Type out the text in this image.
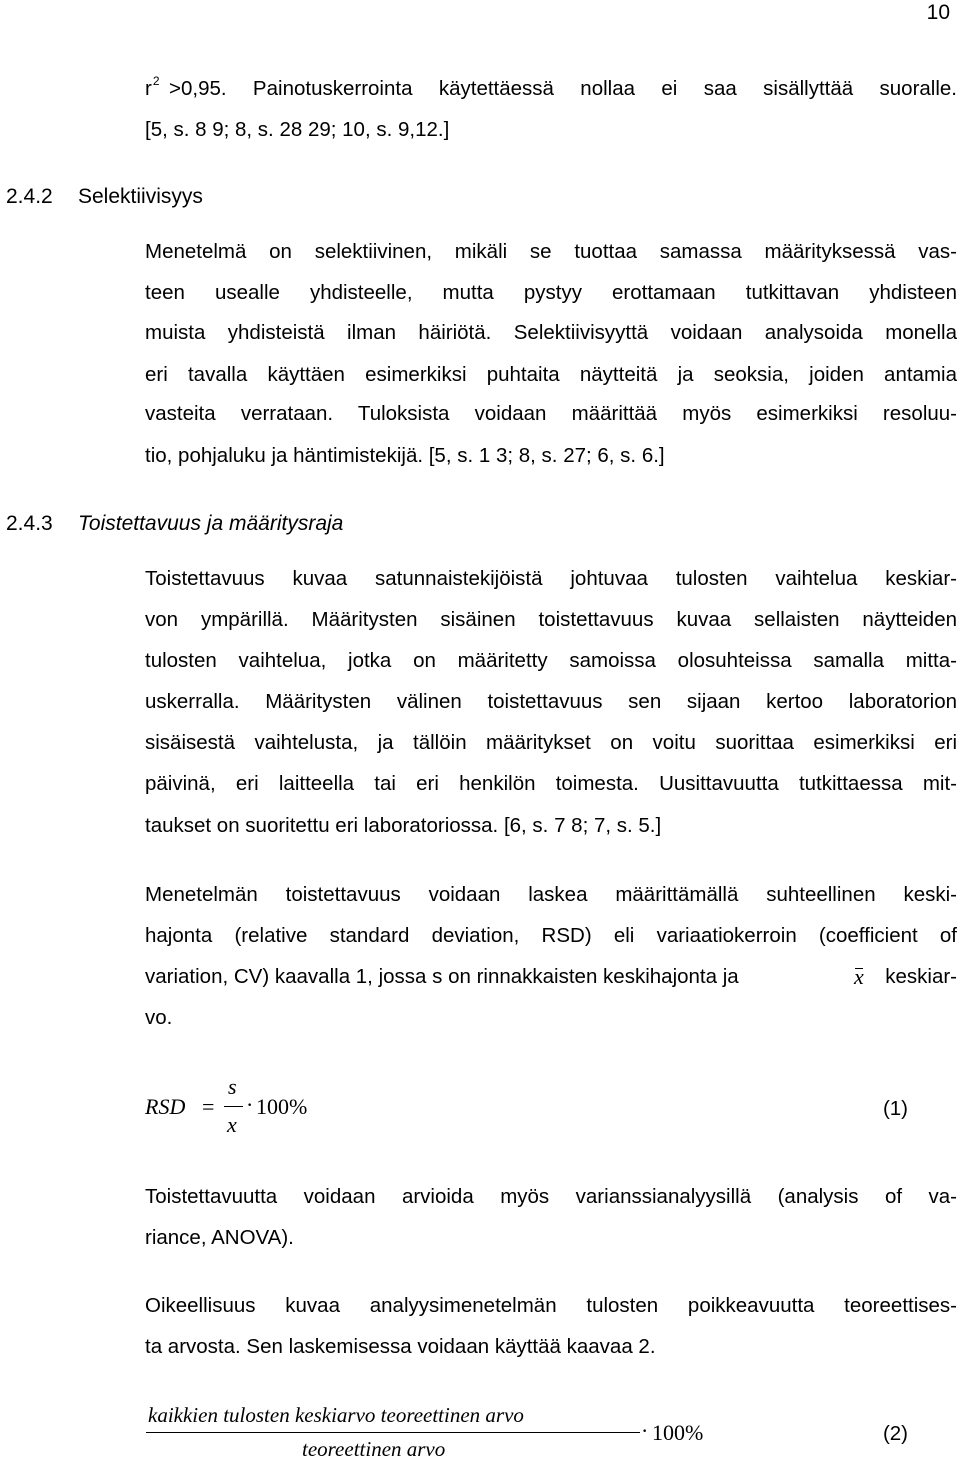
10
$r^2 >0,95$. Painotuskerrointa käytettäessä nollaa ei saa sisällyttää suoralle.
[5, s. 8 9; 8, s. 28 29; 10, s. 9,12.]
2.4.2 Selektiivisyys
Menetelmä on selektiivinen, mikäli se tuottaa samassa määrityksessä vas-
teen usealle yhdisteelle, mutta pystyy erottamaan tutkittavan yhdisteen
muista yhdisteistä ilman häiriötä. Selektiivisyyttä voidaan analysoida monella
eri tavalla käyttäen esimerkiksi puhtaita näytteitä ja seoksia, joiden antamia
vasteita verrataan. Tuloksista voidaan määrittää myös esimerkiksi resoluu-
tio, pohjaluku ja häntimistekijä. [5, s. 1 3; 8, s. 27; 6, s. 6.]
2.4.3 Toistettavuus ja määritysraja
Toistettavuus kuvaa satunnaistekijöistä johtuvaa tulosten vaihtelua keskiar-
von ympärillä. Määritysten sisäinen toistettavuus kuvaa sellaisten näytteiden
tulosten vaihtelua, jotka on määritetty samoissa olosuhteissa samalla mitta-
uskerralla. Määritysten välinen toistettavuus sen sijaan kertoo laboratorion
sisäisestä vaihtelusta, ja tällöin määritykset on voitu suorittaa esimerkiksi eri
päivinä, eri laitteella tai eri henkilön toimesta. Uusittavuutta tutkittaessa mit-
taukset on suoritettu eri laboratoriossa. [6, s. 7 8; 7, s. 5.]
Menetelmän toistettavuus voidaan laskea määrittämällä suhteellinen keski-
hajonta (relative standard deviation, RSD) eli variaatiokerroin (coefficient of
variation, CV) kaavalla 1, jossa s on rinnakkaisten keskihajonta ja	x keskiar-
vo.
RSD =
s
x
· 100%	(1)
Toistettavuutta voidaan arvioida myös varianssianalyysillä (analysis of va-
riance, ANOVA).
Oikeellisuus kuvaa analyysimenetelmän tulosten poikkeavuutta teoreettises-
ta arvosta. Sen laskemisessa voidaan käyttää kaavaa 2.
kaikkien tulosten keskiarvo teoreettinen arvo
teoreettinen arvo
· 100%	(2)
